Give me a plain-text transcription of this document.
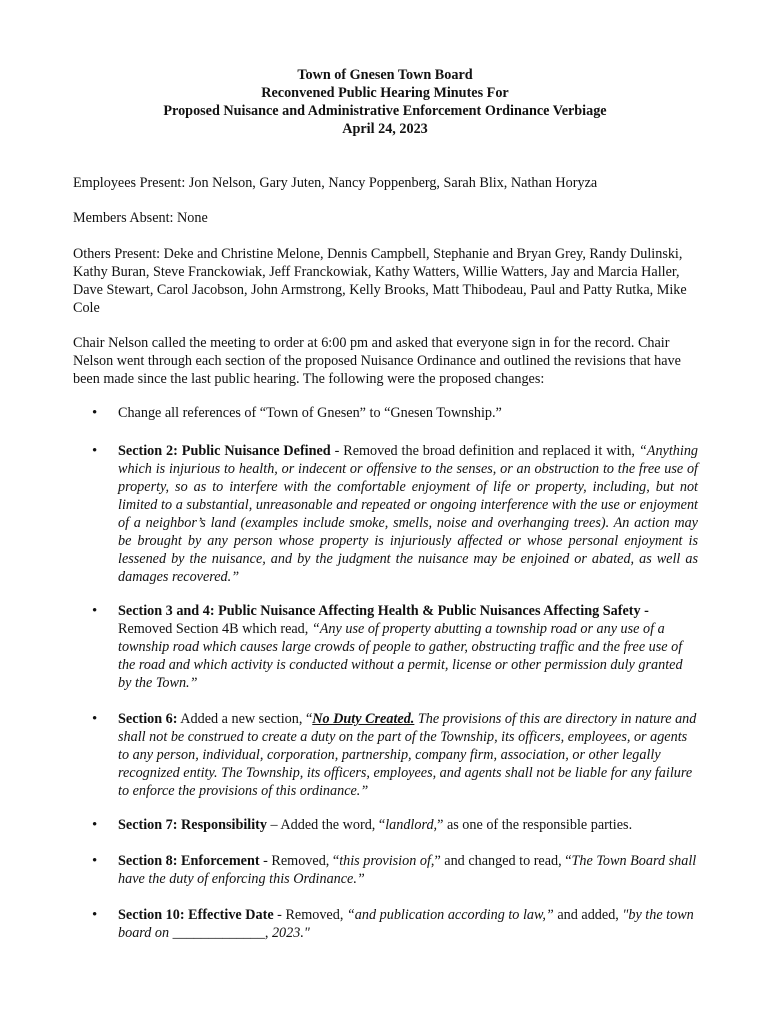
Town of Gnesen Town Board
Reconvened Public Hearing Minutes For
Proposed Nuisance and Administrative Enforcement Ordinance Verbiage
April 24, 2023
Employees Present: Jon Nelson, Gary Juten, Nancy Poppenberg, Sarah Blix, Nathan Horyza
Members Absent: None
Others Present: Deke and Christine Melone, Dennis Campbell, Stephanie and Bryan Grey, Randy Dulinski, Kathy Buran, Steve Franckowiak, Jeff Franckowiak, Kathy Watters, Willie Watters, Jay and Marcia Haller, Dave Stewart, Carol Jacobson, John Armstrong, Kelly Brooks, Matt Thibodeau, Paul and Patty Rutka, Mike Cole
Chair Nelson called the meeting to order at 6:00 pm and asked that everyone sign in for the record. Chair Nelson went through each section of the proposed Nuisance Ordinance and outlined the revisions that have been made since the last public hearing. The following were the proposed changes:
• Change all references of “Town of Gnesen” to “Gnesen Township.”
• Section 2: Public Nuisance Defined - Removed the broad definition and replaced it with, “Anything which is injurious to health, or indecent or offensive to the senses, or an obstruction to the free use of property, so as to interfere with the comfortable enjoyment of life or property, including, but not limited to a substantial, unreasonable and repeated or ongoing interference with the use or enjoyment of a neighbor’s land (examples include smoke, smells, noise and overhanging trees). An action may be brought by any person whose property is injuriously affected or whose personal enjoyment is lessened by the nuisance, and by the judgment the nuisance may be enjoined or abated, as well as damages recovered.”
• Section 3 and 4: Public Nuisance Affecting Health & Public Nuisances Affecting Safety -
Removed Section 4B which read, “Any use of property abutting a township road or any use of a township road which causes large crowds of people to gather, obstructing traffic and the free use of the road and which activity is conducted without a permit, license or other permission duly granted by the Town.”
• Section 6: Added a new section, “No Duty Created. The provisions of this are directory in nature and shall not be construed to create a duty on the part of the Township, its officers, employees, or agents to any person, individual, corporation, partnership, company firm, association, or other legally recognized entity. The Township, its officers, employees, and agents shall not be liable for any failure to enforce the provisions of this ordinance.”
• Section 7: Responsibility – Added the word, “landlord,” as one of the responsible parties.
• Section 8: Enforcement - Removed, “this provision of,” and changed to read, “The Town Board shall have the duty of enforcing this Ordinance.”
• Section 10: Effective Date - Removed, “and publication according to law,” and added, "by the town board on _____________, 2023."
